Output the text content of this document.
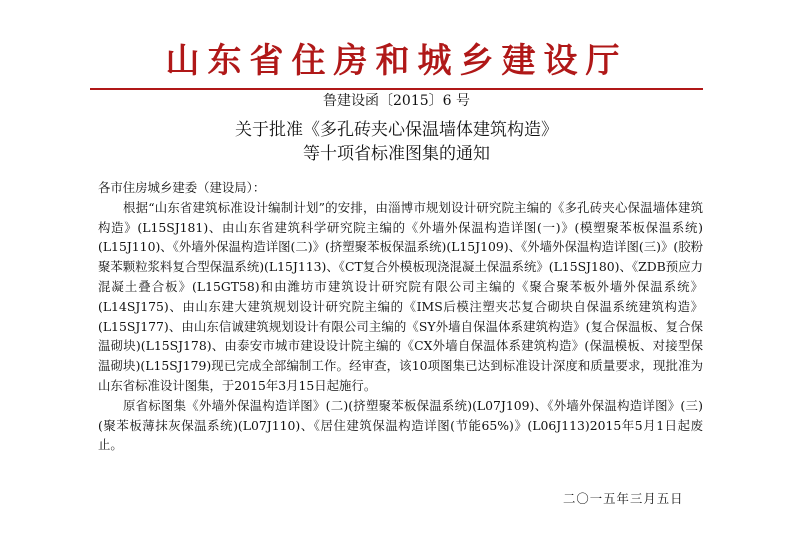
山东省住房和城乡建设厅
鲁建设函〔2015〕6 号
关于批准《多孔砖夹心保温墙体建筑构造》
等十项省标准图集的通知

各市住房城乡建委（建设局）：

根据“山东省建筑标准设计编制计划”的安排，由淄博市规划设计研究院主编的《多孔砖夹心保温墙体建筑构造》(L15SJ181)、由山东省建筑科学研究院主编的《外墙外保温构造详图(一)》(模塑聚苯板保温系统)(L15J110)、《外墙外保温构造详图(二)》(挤塑聚苯板保温系统)(L15J109)、《外墙外保温构造详图(三)》(胶粉聚苯颗粒浆料复合型保温系统)(L15J113)、《CT复合外模板现浇混凝土保温系统》(L15SJ180)、《ZDB预应力混凝土叠合板》(L15GT58)和由潍坊市建筑设计研究院有限公司主编的《聚合聚苯板外墙外保温系统》(L14SJ175)、由山东建大建筑规划设计研究院主编的《IMS后模注塑夹芯复合砌块自保温系统建筑构造》(L15SJ177)、由山东信诚建筑规划设计有限公司主编的《SY外墙自保温体系建筑构造》(复合保温板、复合保温砌块)(L15SJ178)、由泰安市城市建设设计院主编的《CX外墙自保温体系建筑构造》(保温模板、对接型保温砌块)(L15SJ179)现已完成全部编制工作。经审查，该10项图集已达到标准设计深度和质量要求，现批准为山东省标准设计图集，于2015年3月15日起施行。

原省标图集《外墙外保温构造详图》(二)(挤塑聚苯板保温系统)(L07J109)、《外墙外保温构造详图》(三)(聚苯板薄抹灰保温系统)(L07J110)、《居住建筑保温构造详图(节能65%)》(L06J113)2015年5月1日起废止。

二〇一五年三月五日
